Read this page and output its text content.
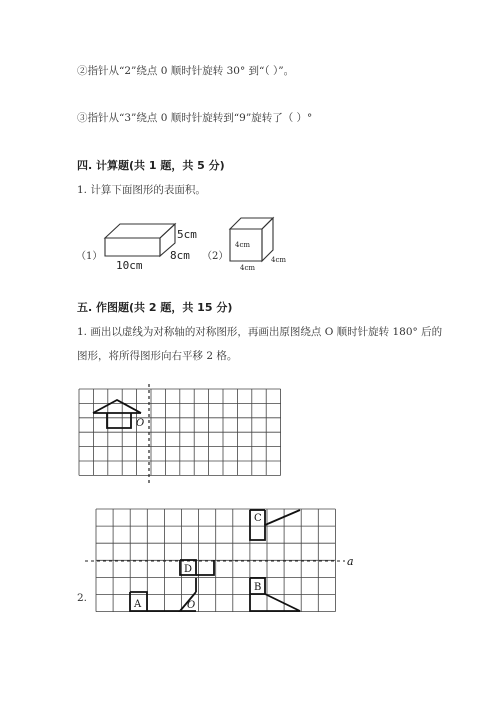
②指针从“2”绕点 0 顺时针旋转 30° 到“（ ）”。
③指针从“3”绕点 0 顺时针旋转到“9”旋转了（ ）°
四. 计算题(共 1 题，共 5 分)
1. 计算下面图形的表面积。
（1）
5cm
8cm
10cm
（2）
4cm
4cm
4cm
五. 作图题(共 2 题，共 15 分)
1. 画出以虚线为对称轴的对称图形，再画出原图绕点 O 顺时针旋转 180° 后的
图形，将所得图形向右平移 2 格。
O
2.
a
C
D
A	O
B
